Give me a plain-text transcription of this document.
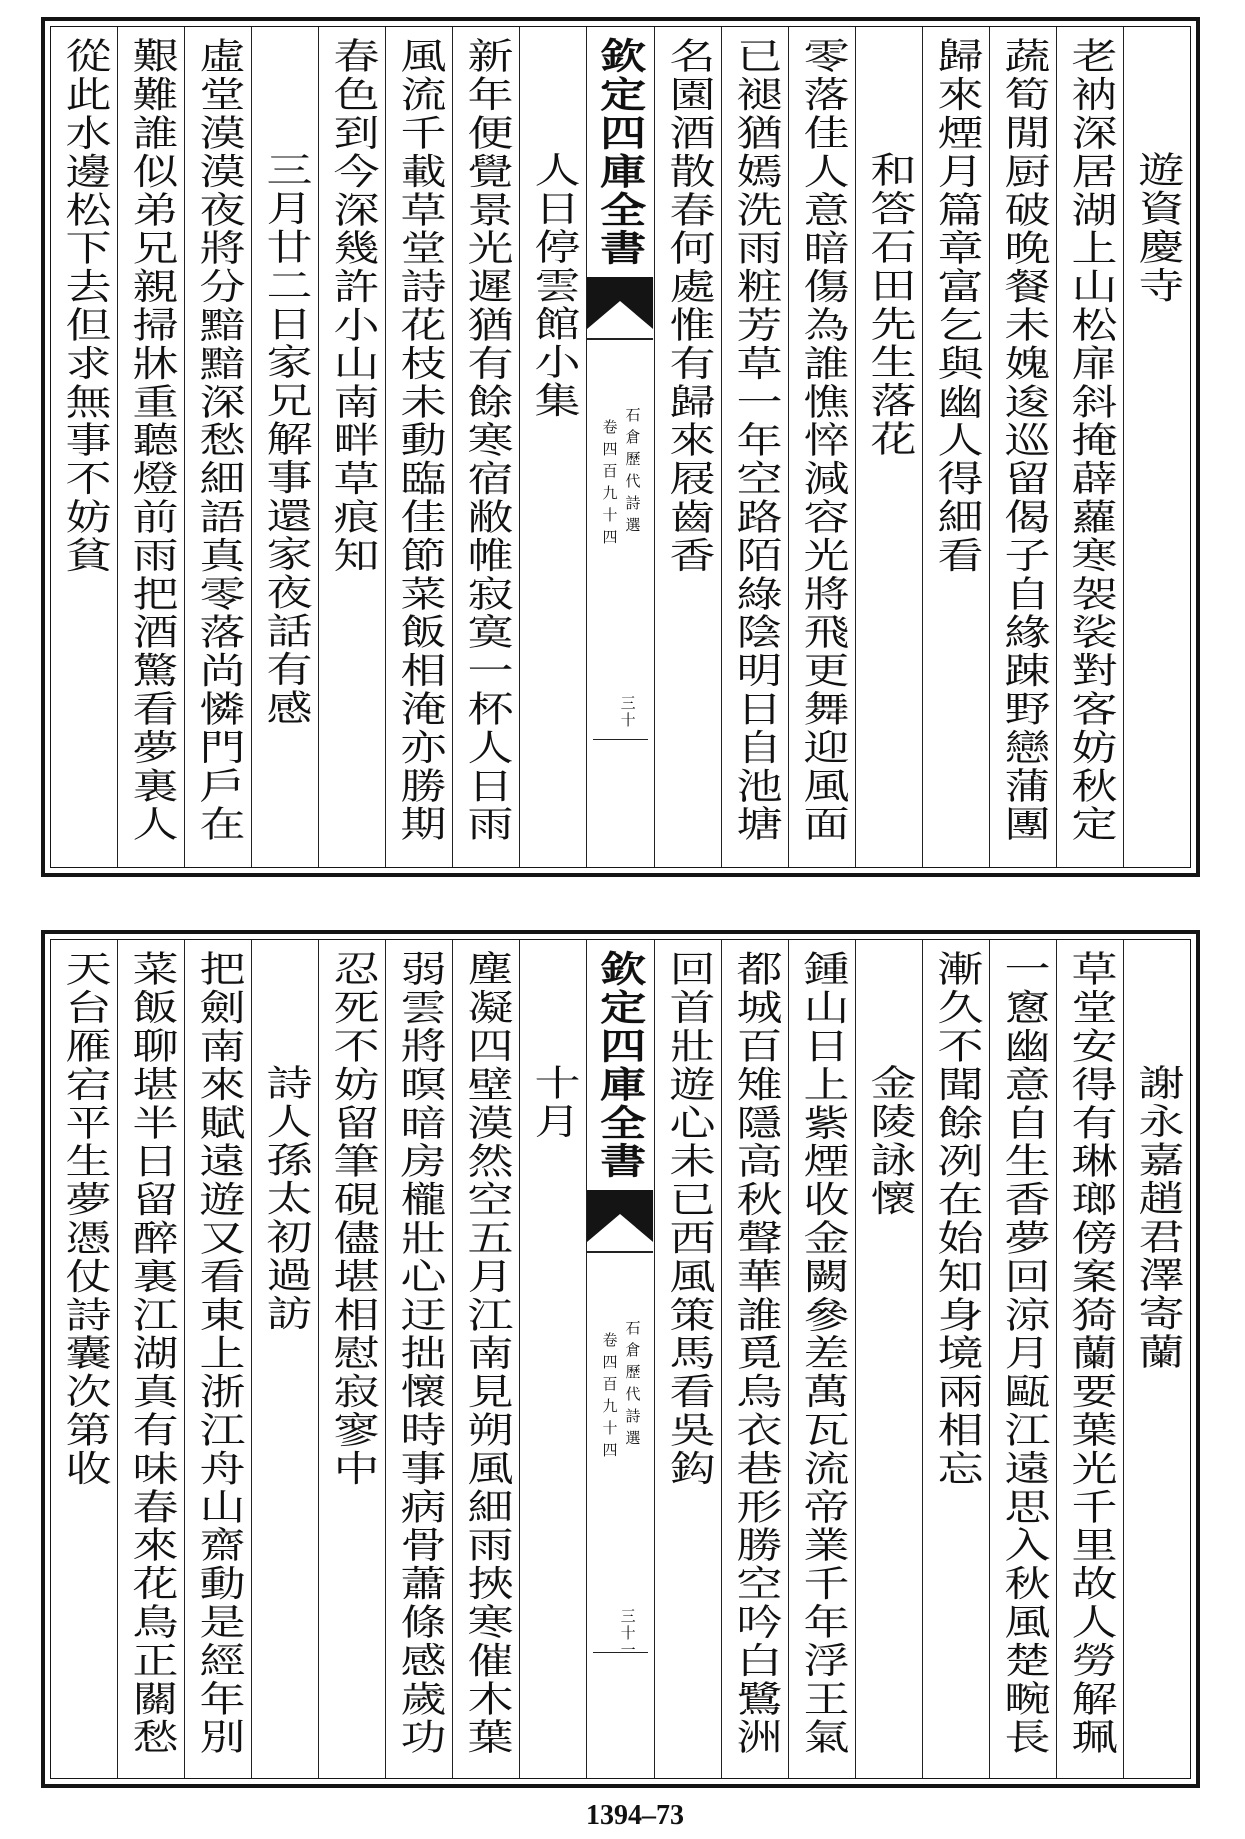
遊資慶寺
老衲深居湖上山松扉斜掩薜蘿寒袈裟對客妨秋定
蔬筍閒厨破晚餐未媿逡巡留偈子自緣踈野戀蒲團
歸來煙月篇章富乞與幽人得細看
和答石田先生落花
零落佳人意暗傷為誰憔悴減容光將飛更舞迎風面
已褪猶嫣洗雨粧芳草一年空路陌綠陰明日自池塘
名園酒散春何處惟有歸來屐齒香
欽定四庫全書
石倉歷代詩選
卷四百九十四
三十
人日停雲館小集
新年便覺景光遲猶有餘寒宿敝帷寂寞一杯人日雨
風流千載草堂詩花枝未動臨佳節菜飯相淹亦勝期
春色到今深幾許小山南畔草痕知
三月廿二日家兄解事還家夜話有感
虛堂漠漠夜將分黯黯深愁細語真零落尚憐門戶在
艱難誰似弟兄親掃牀重聽燈前雨把酒驚看夢裏人
從此水邊松下去但求無事不妨貧
謝永嘉趙君澤寄蘭
草堂安得有琳瑯傍案猗蘭要葉光千里故人勞解珮
一窻幽意自生香夢回涼月甌江遠思入秋風楚畹長
漸久不聞餘冽在始知身境兩相忘
金陵詠懷
鍾山日上紫煙收金闕參差萬瓦流帝業千年浮王氣
都城百雉隱高秋聲華誰覓烏衣巷形勝空吟白鷺洲
回首壯遊心未已西風策馬看吳鈎
欽定四庫全書
石倉歷代詩選
卷四百九十四
三十一
十月
塵凝四壁漠然空五月江南見朔風細雨挾寒催木葉
弱雲將暝暗房櫳壯心迂拙懷時事病骨蕭條感歲功
忍死不妨留筆硯儘堪相慰寂寥中
詩人孫太初過訪
把劍南來賦遠遊又看東上浙江舟山齋動是經年別
菜飯聊堪半日留醉裏江湖真有味春來花鳥正關愁
天台雁宕平生夢憑仗詩囊次第收
1394–73
